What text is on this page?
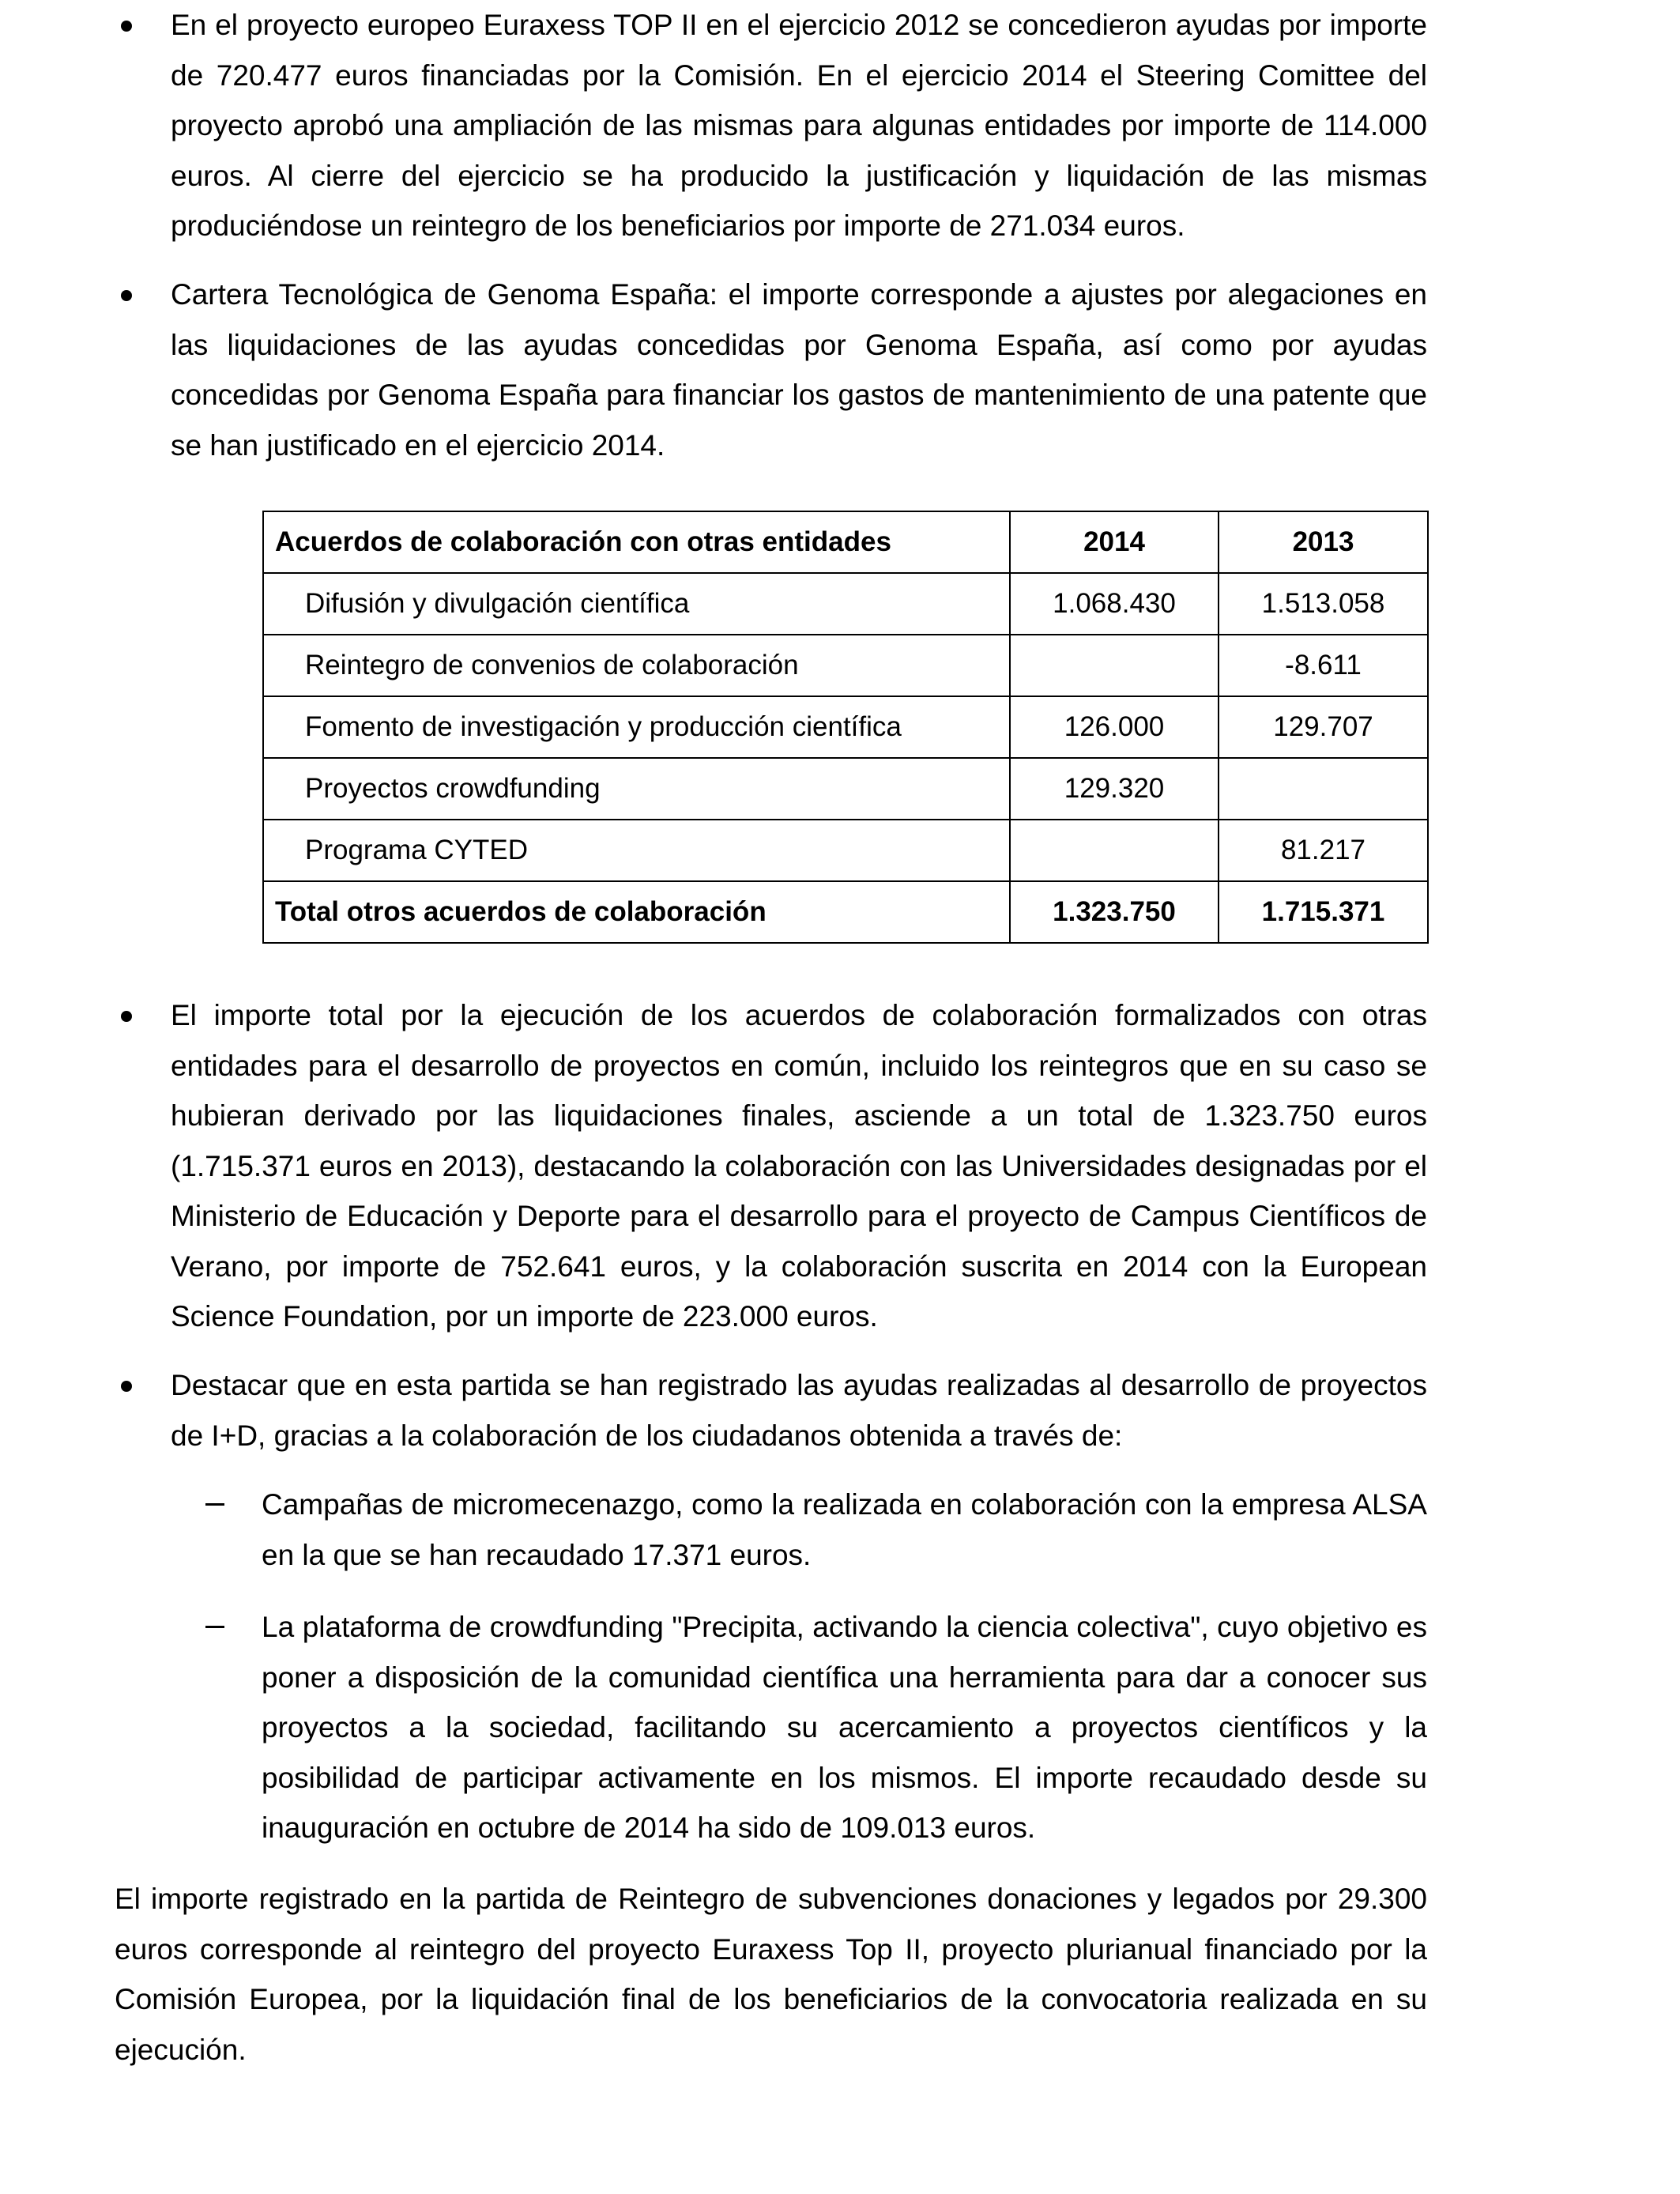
En el proyecto europeo Euraxess TOP II en el ejercicio 2012 se concedieron ayudas por importe de 720.477 euros financiadas por la Comisión. En el ejercicio 2014 el Steering Comittee del proyecto aprobó una ampliación de las mismas para algunas entidades por importe de 114.000 euros. Al cierre del ejercicio se ha producido la justificación y liquidación de las mismas produciéndose un reintegro de los beneficiarios por importe de 271.034 euros.

Cartera Tecnológica de Genoma España: el importe corresponde a ajustes por alegaciones en las liquidaciones de las ayudas concedidas por Genoma España, así como por ayudas concedidas por Genoma España para financiar los gastos de mantenimiento de una patente que se han justificado en el ejercicio 2014.

Acuerdos de colaboración con otras entidades	2014	2013
Difusión y divulgación científica	1.068.430	1.513.058
Reintegro de convenios de colaboración		-8.611
Fomento de investigación y producción científica	126.000	129.707
Proyectos crowdfunding	129.320	
Programa CYTED		81.217
Total otros acuerdos de colaboración	1.323.750	1.715.371

El importe total por la ejecución de los acuerdos de colaboración formalizados con otras entidades para el desarrollo de proyectos en común, incluido los reintegros que en su caso se hubieran derivado por las liquidaciones finales, asciende a un total de 1.323.750 euros (1.715.371 euros en 2013), destacando la colaboración con las Universidades designadas por el Ministerio de Educación y Deporte para el desarrollo para el proyecto de Campus Científicos de Verano, por importe de 752.641 euros, y la colaboración suscrita en 2014 con la European Science Foundation, por un importe de 223.000 euros.

Destacar que en esta partida se han registrado las ayudas realizadas al desarrollo de proyectos de I+D, gracias a la colaboración de los ciudadanos obtenida a través de:

Campañas de micromecenazgo, como la realizada en colaboración con la empresa ALSA en la que se han recaudado 17.371 euros.

La plataforma de crowdfunding "Precipita, activando la ciencia colectiva", cuyo objetivo es poner a disposición de la comunidad científica una herramienta para dar a conocer sus proyectos a la sociedad, facilitando su acercamiento a proyectos científicos y la posibilidad de participar activamente en los mismos. El importe recaudado desde su inauguración en octubre de 2014 ha sido de 109.013 euros.

El importe registrado en la partida de Reintegro de subvenciones donaciones y legados por 29.300 euros corresponde al reintegro del proyecto Euraxess Top II, proyecto plurianual financiado por la Comisión Europea, por la liquidación final de los beneficiarios de la convocatoria realizada en su ejecución.
